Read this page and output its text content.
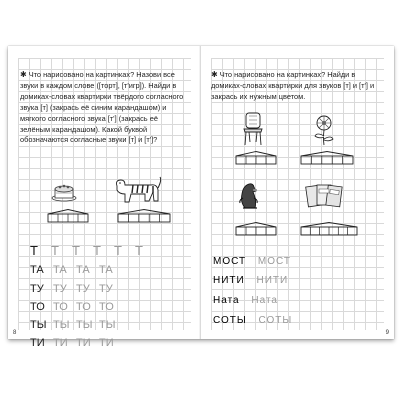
✱ Что нарисовано на картинках? Назови все звуки в каждом слове ([торт], [т'игр]). Найди в домиках-словах квартирки твёрдого согласного звука [т] (закрась её синим карандашом) и мягкого согласного звука [т'] (закрась её зелёным карандашом). Какой буквой обозначаются согласные звуки [т] и [т']?

Т Т Т Т Т Т
ТА ТА ТА ТА
ТУ ТУ ТУ ТУ
ТО ТО ТО ТО
ТЫ ТЫ ТЫ ТЫ
ТИ ТИ ТИ ТИ
8

✱ Что нарисовано на картинках? Найди в домиках-словах квартирки для звуков [т] и [т'] и закрась их нужным цветом.

МОСТ МОСТ
НИТИ НИТИ
Ната Ната
СОТЫ СОТЫ
9
